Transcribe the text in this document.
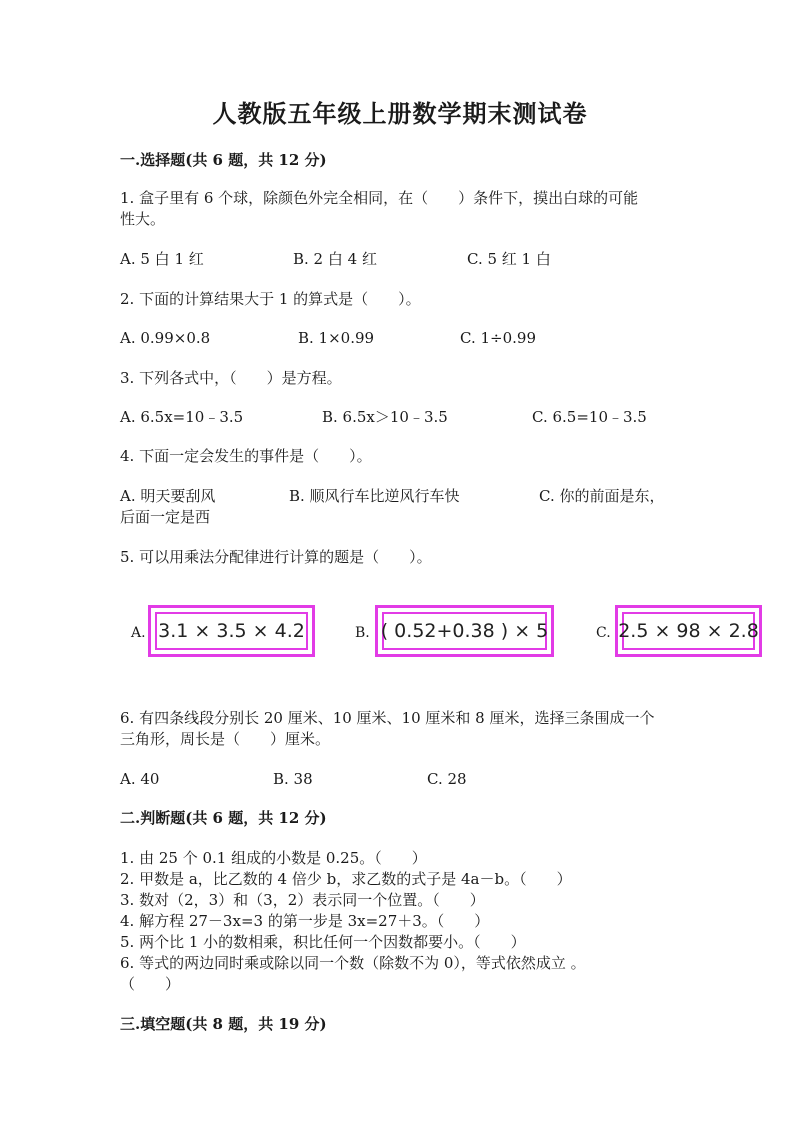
人教版五年级上册数学期末测试卷
一.选择题(共 6 题，共 12 分)
1. 盒子里有 6 个球，除颜色外完全相同，在（　　）条件下，摸出白球的可能
性大。
A. 5 白 1 红	B. 2 白 4 红	C. 5 红 1 白
2. 下面的计算结果大于 1 的算式是（　　）。
A. 0.99×0.8	B. 1×0.99	C. 1÷0.99
3. 下列各式中，（　　）是方程。
A. 6.5x=10﹣3.5	B. 6.5x＞10﹣3.5	C. 6.5=10﹣3.5
4. 下面一定会发生的事件是（　　）。
A. 明天要刮风	B. 顺风行车比逆风行车快	C. 你的前面是东，
后面一定是西
5. 可以用乘法分配律进行计算的题是（　　）。
A. 3.1 × 3.5 × 4.2	B. ( 0.52+0.38 ) × 5	C. 2.5 × 98 × 2.8
6. 有四条线段分别长 20 厘米、10 厘米、10 厘米和 8 厘米，选择三条围成一个
三角形，周长是（　　）厘米。
A. 40	B. 38	C. 28
二.判断题(共 6 题，共 12 分)
1. 由 25 个 0.1 组成的小数是 0.25。（　　）
2. 甲数是 a，比乙数的 4 倍少 b，求乙数的式子是 4a－b。（　　）
3. 数对（2，3）和（3，2）表示同一个位置。（　　）
4. 解方程 27－3x=3 的第一步是 3x=27＋3。（　　）
5. 两个比 1 小的数相乘，积比任何一个因数都要小。（　　）
6. 等式的两边同时乘或除以同一个数（除数不为 0），等式依然成立 。
（　　）
三.填空题(共 8 题，共 19 分)
